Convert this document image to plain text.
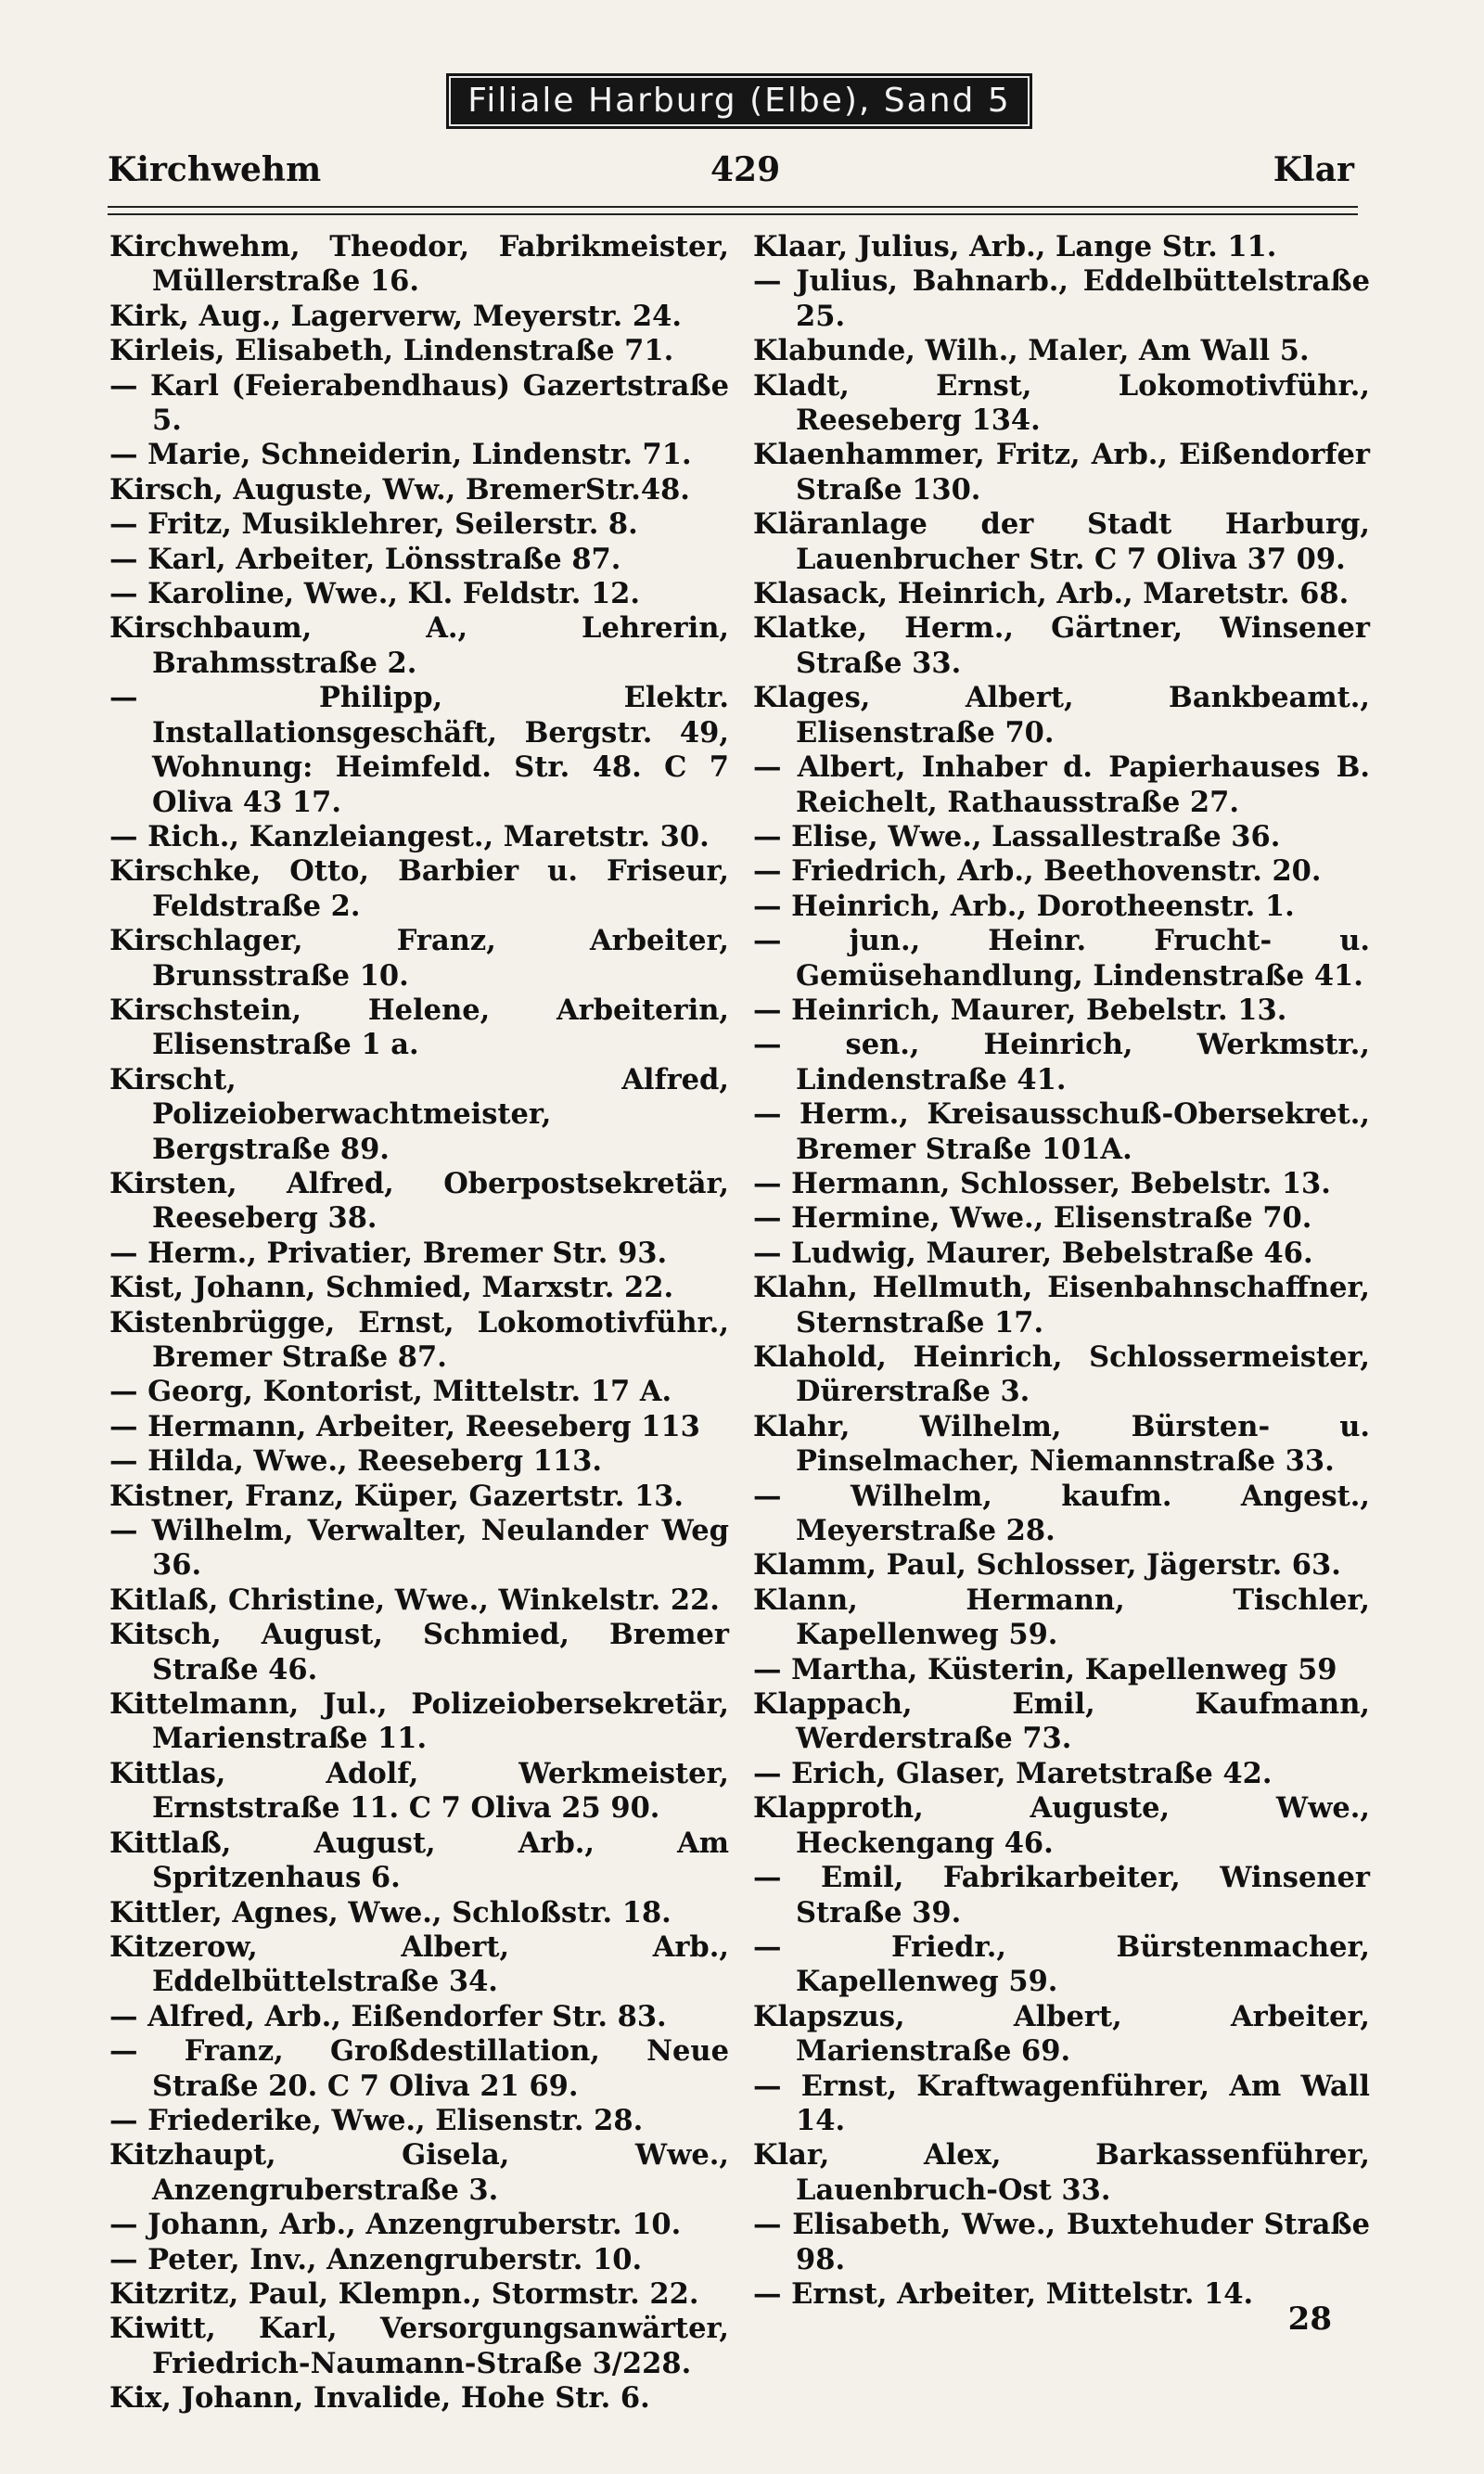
Filiale Harburg (Elbe), Sand 5
Kirchwehm	429	Klar
Kirchwehm, Theodor, Fabrikmeister, Müllerstraße 16.
Kirk, Aug., Lagerverw, Meyerstr. 24.
Kirleis, Elisabeth, Lindenstraße 71.
— Karl (Feierabendhaus) Gazertstraße 5.
— Marie, Schneiderin, Lindenstr. 71.
Kirsch, Auguste, Ww., BremerStr.48.
— Fritz, Musiklehrer, Seilerstr. 8.
— Karl, Arbeiter, Lönsstraße 87.
— Karoline, Wwe., Kl. Feldstr. 12.
Kirschbaum, A., Lehrerin, Brahmsstraße 2.
— Philipp, Elektr. Installationsgeschäft, Bergstr. 49, Wohnung: Heimfeld. Str. 48. C 7 Oliva 43 17.
— Rich., Kanzleiangest., Maretstr. 30.
Kirschke, Otto, Barbier u. Friseur, Feldstraße 2.
Kirschlager, Franz, Arbeiter, Brunsstraße 10.
Kirschstein, Helene, Arbeiterin, Elisenstraße 1 a.
Kirscht, Alfred, Polizeioberwachtmeister, Bergstraße 89.
Kirsten, Alfred, Oberpostsekretär, Reeseberg 38.
— Herm., Privatier, Bremer Str. 93.
Kist, Johann, Schmied, Marxstr. 22.
Kistenbrügge, Ernst, Lokomotivführ., Bremer Straße 87.
— Georg, Kontorist, Mittelstr. 17 A.
— Hermann, Arbeiter, Reeseberg 113
— Hilda, Wwe., Reeseberg 113.
Kistner, Franz, Küper, Gazertstr. 13.
— Wilhelm, Verwalter, Neulander Weg 36.
Kitlaß, Christine, Wwe., Winkelstr. 22.
Kitsch, August, Schmied, Bremer Straße 46.
Kittelmann, Jul., Polizeiobersekretär, Marienstraße 11.
Kittlas, Adolf, Werkmeister, Ernststraße 11. C 7 Oliva 25 90.
Kittlaß, August, Arb., Am Spritzenhaus 6.
Kittler, Agnes, Wwe., Schloßstr. 18.
Kitzerow, Albert, Arb., Eddelbüttelstraße 34.
— Alfred, Arb., Eißendorfer Str. 83.
— Franz, Großdestillation, Neue Straße 20. C 7 Oliva 21 69.
— Friederike, Wwe., Elisenstr. 28.
Kitzhaupt, Gisela, Wwe., Anzengruberstraße 3.
— Johann, Arb., Anzengruberstr. 10.
— Peter, Inv., Anzengruberstr. 10.
Kitzritz, Paul, Klempn., Stormstr. 22.
Kiwitt, Karl, Versorgungsanwärter, Friedrich-Naumann-Straße 3/228.
Kix, Johann, Invalide, Hohe Str. 6.
Klaar, Julius, Arb., Lange Str. 11.
— Julius, Bahnarb., Eddelbüttelstraße 25.
Klabunde, Wilh., Maler, Am Wall 5.
Kladt, Ernst, Lokomotivführ., Reeseberg 134.
Klaenhammer, Fritz, Arb., Eißendorfer Straße 130.
Kläranlage der Stadt Harburg, Lauenbrucher Str. C 7 Oliva 37 09.
Klasack, Heinrich, Arb., Maretstr. 68.
Klatke, Herm., Gärtner, Winsener Straße 33.
Klages, Albert, Bankbeamt., Elisenstraße 70.
— Albert, Inhaber d. Papierhauses B. Reichelt, Rathausstraße 27.
— Elise, Wwe., Lassallestraße 36.
— Friedrich, Arb., Beethovenstr. 20.
— Heinrich, Arb., Dorotheenstr. 1.
— jun., Heinr. Frucht- u. Gemüsehandlung, Lindenstraße 41.
— Heinrich, Maurer, Bebelstr. 13.
— sen., Heinrich, Werkmstr., Lindenstraße 41.
— Herm., Kreisausschuß-Obersekret., Bremer Straße 101A.
— Hermann, Schlosser, Bebelstr. 13.
— Hermine, Wwe., Elisenstraße 70.
— Ludwig, Maurer, Bebelstraße 46.
Klahn, Hellmuth, Eisenbahnschaffner, Sternstraße 17.
Klahold, Heinrich, Schlossermeister, Dürerstraße 3.
Klahr, Wilhelm, Bürsten- u. Pinselmacher, Niemannstraße 33.
— Wilhelm, kaufm. Angest., Meyerstraße 28.
Klamm, Paul, Schlosser, Jägerstr. 63.
Klann, Hermann, Tischler, Kapellenweg 59.
— Martha, Küsterin, Kapellenweg 59
Klappach, Emil, Kaufmann, Werderstraße 73.
— Erich, Glaser, Maretstraße 42.
Klapproth, Auguste, Wwe., Heckengang 46.
— Emil, Fabrikarbeiter, Winsener Straße 39.
— Friedr., Bürstenmacher, Kapellenweg 59.
Klapszus, Albert, Arbeiter, Marienstraße 69.
— Ernst, Kraftwagenführer, Am Wall 14.
Klar, Alex, Barkassenführer, Lauenbruch-Ost 33.
— Elisabeth, Wwe., Buxtehuder Straße 98.
— Ernst, Arbeiter, Mittelstr. 14.
28
